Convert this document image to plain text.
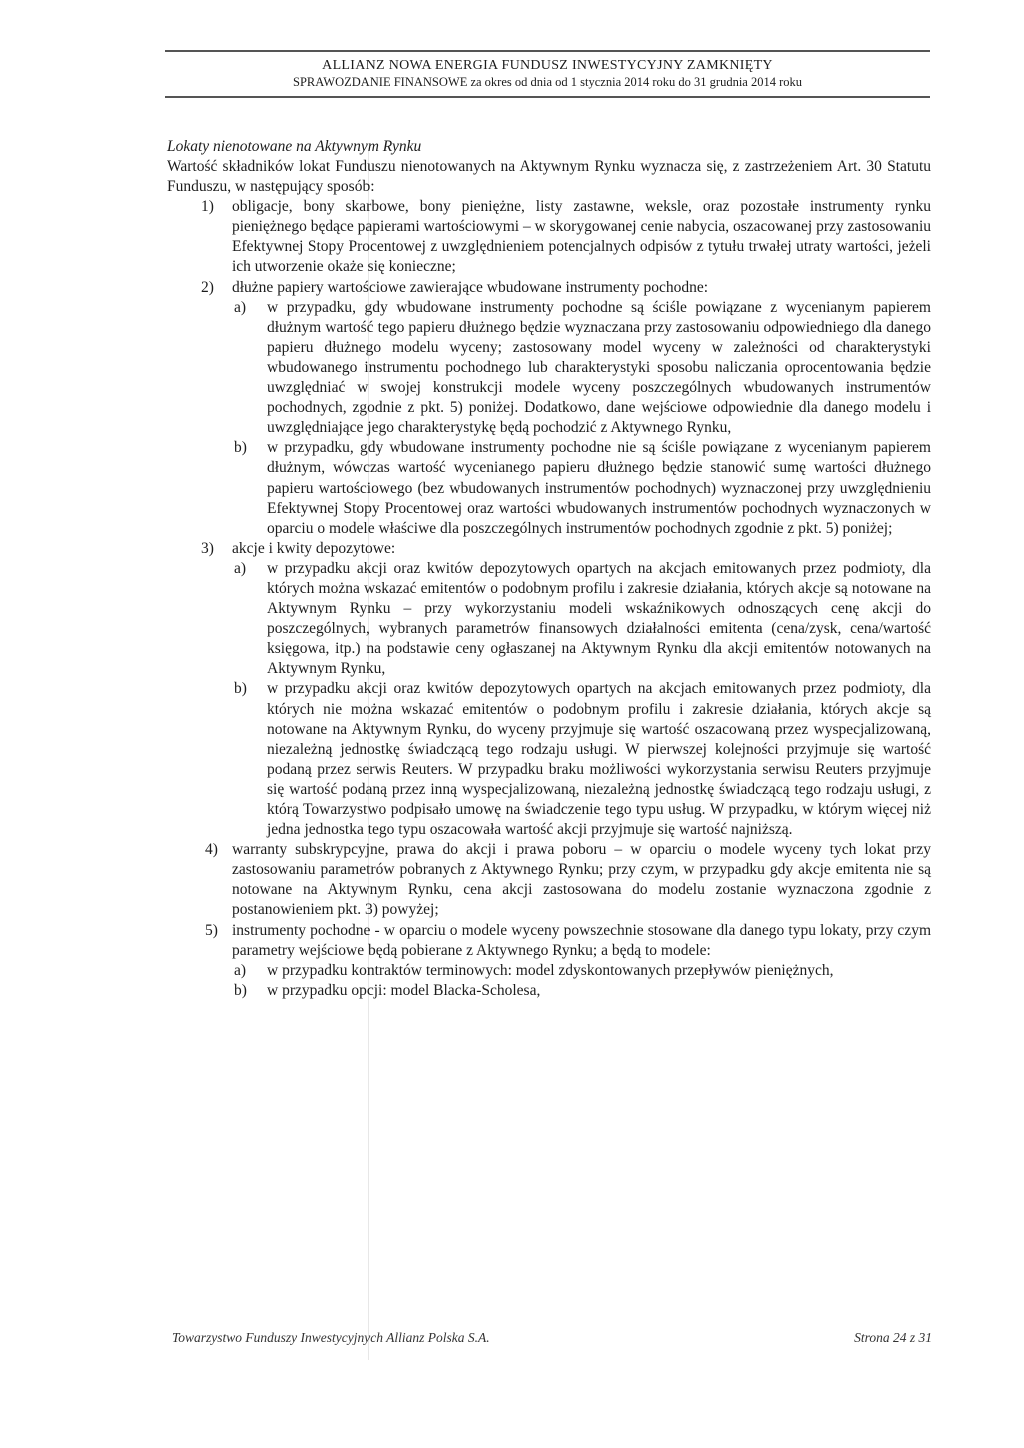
ALLIANZ NOWA ENERGIA FUNDUSZ INWESTYCYJNY ZAMKNIĘTY
SPRAWOZDANIE FINANSOWE za okres od dnia od 1 stycznia 2014 roku do 31 grudnia 2014 roku
Lokaty nienotowane na Aktywnym Rynku

Wartość składników lokat Funduszu nienotowanych na Aktywnym Rynku wyznacza się, z zastrzeżeniem Art. 30 Statutu Funduszu, w następujący sposób:

1)	obligacje, bony skarbowe, bony pieniężne, listy zastawne, weksle, oraz pozostałe instrumenty rynku pieniężnego będące papierami wartościowymi – w skorygowanej cenie nabycia, oszacowanej przy zastosowaniu Efektywnej Stopy Procentowej z uwzględnieniem potencjalnych odpisów z tytułu trwałej utraty wartości, jeżeli ich utworzenie okaże się konieczne;

2)	dłużne papiery wartościowe zawierające wbudowane instrumenty pochodne:

a) w przypadku, gdy wbudowane instrumenty pochodne są ściśle powiązane z wycenianym papierem dłużnym wartość tego papieru dłużnego będzie wyznaczana przy zastosowaniu odpowiedniego dla danego papieru dłużnego modelu wyceny; zastosowany model wyceny w zależności od charakterystyki wbudowanego instrumentu pochodnego lub charakterystyki sposobu naliczania oprocentowania będzie uwzględniać w swojej konstrukcji modele wyceny poszczególnych wbudowanych instrumentów pochodnych, zgodnie z pkt. 5) poniżej. Dodatkowo, dane wejściowe odpowiednie dla danego modelu i uwzględniające jego charakterystykę będą pochodzić z Aktywnego Rynku,

b) w przypadku, gdy wbudowane instrumenty pochodne nie są ściśle powiązane z wycenianym papierem dłużnym, wówczas wartość wycenianego papieru dłużnego będzie stanowić sumę wartości dłużnego papieru wartościowego (bez wbudowanych instrumentów pochodnych) wyznaczonej przy uwzględnieniu Efektywnej Stopy Procentowej oraz wartości wbudowanych instrumentów pochodnych wyznaczonych w oparciu o modele właściwe dla poszczególnych instrumentów pochodnych zgodnie z pkt. 5) poniżej;

3)	akcje i kwity depozytowe:

a) w przypadku akcji oraz kwitów depozytowych opartych na akcjach emitowanych przez podmioty, dla których można wskazać emitentów o podobnym profilu i zakresie działania, których akcje są notowane na Aktywnym Rynku – przy wykorzystaniu modeli wskaźnikowych odnoszących cenę akcji do poszczególnych, wybranych parametrów finansowych działalności emitenta (cena/zysk, cena/wartość księgowa, itp.) na podstawie ceny ogłaszanej na Aktywnym Rynku dla akcji emitentów notowanych na Aktywnym Rynku,

b) w przypadku akcji oraz kwitów depozytowych opartych na akcjach emitowanych przez podmioty, dla których nie można wskazać emitentów o podobnym profilu i zakresie działania, których akcje są notowane na Aktywnym Rynku, do wyceny przyjmuje się wartość oszacowaną przez wyspecjalizowaną, niezależną jednostkę świadczącą tego rodzaju usługi. W pierwszej kolejności przyjmuje się wartość podaną przez serwis Reuters. W przypadku braku możliwości wykorzystania serwisu Reuters przyjmuje się wartość podaną przez inną wyspecjalizowaną, niezależną jednostkę świadczącą tego rodzaju usługi, z którą Towarzystwo podpisało umowę na świadczenie tego typu usług. W przypadku, w którym więcej niż jedna jednostka tego typu oszacowała wartość akcji przyjmuje się wartość najniższą.

4) warranty subskrypcyjne, prawa do akcji i prawa poboru – w oparciu o modele wyceny tych lokat przy zastosowaniu parametrów pobranych z Aktywnego Rynku; przy czym, w przypadku gdy akcje emitenta nie są notowane na Aktywnym Rynku, cena akcji zastosowana do modelu zostanie wyznaczona zgodnie z postanowieniem pkt. 3) powyżej;

5) instrumenty pochodne - w oparciu o modele wyceny powszechnie stosowane dla danego typu lokaty, przy czym parametry wejściowe będą pobierane z Aktywnego Rynku; a będą to modele:

a) w przypadku kontraktów terminowych: model zdyskontowanych przepływów pieniężnych,

b) w przypadku opcji: model Blacka-Scholesa,

Towarzystwo Funduszy Inwestycyjnych Allianz Polska S.A.	Strona 24 z 31
